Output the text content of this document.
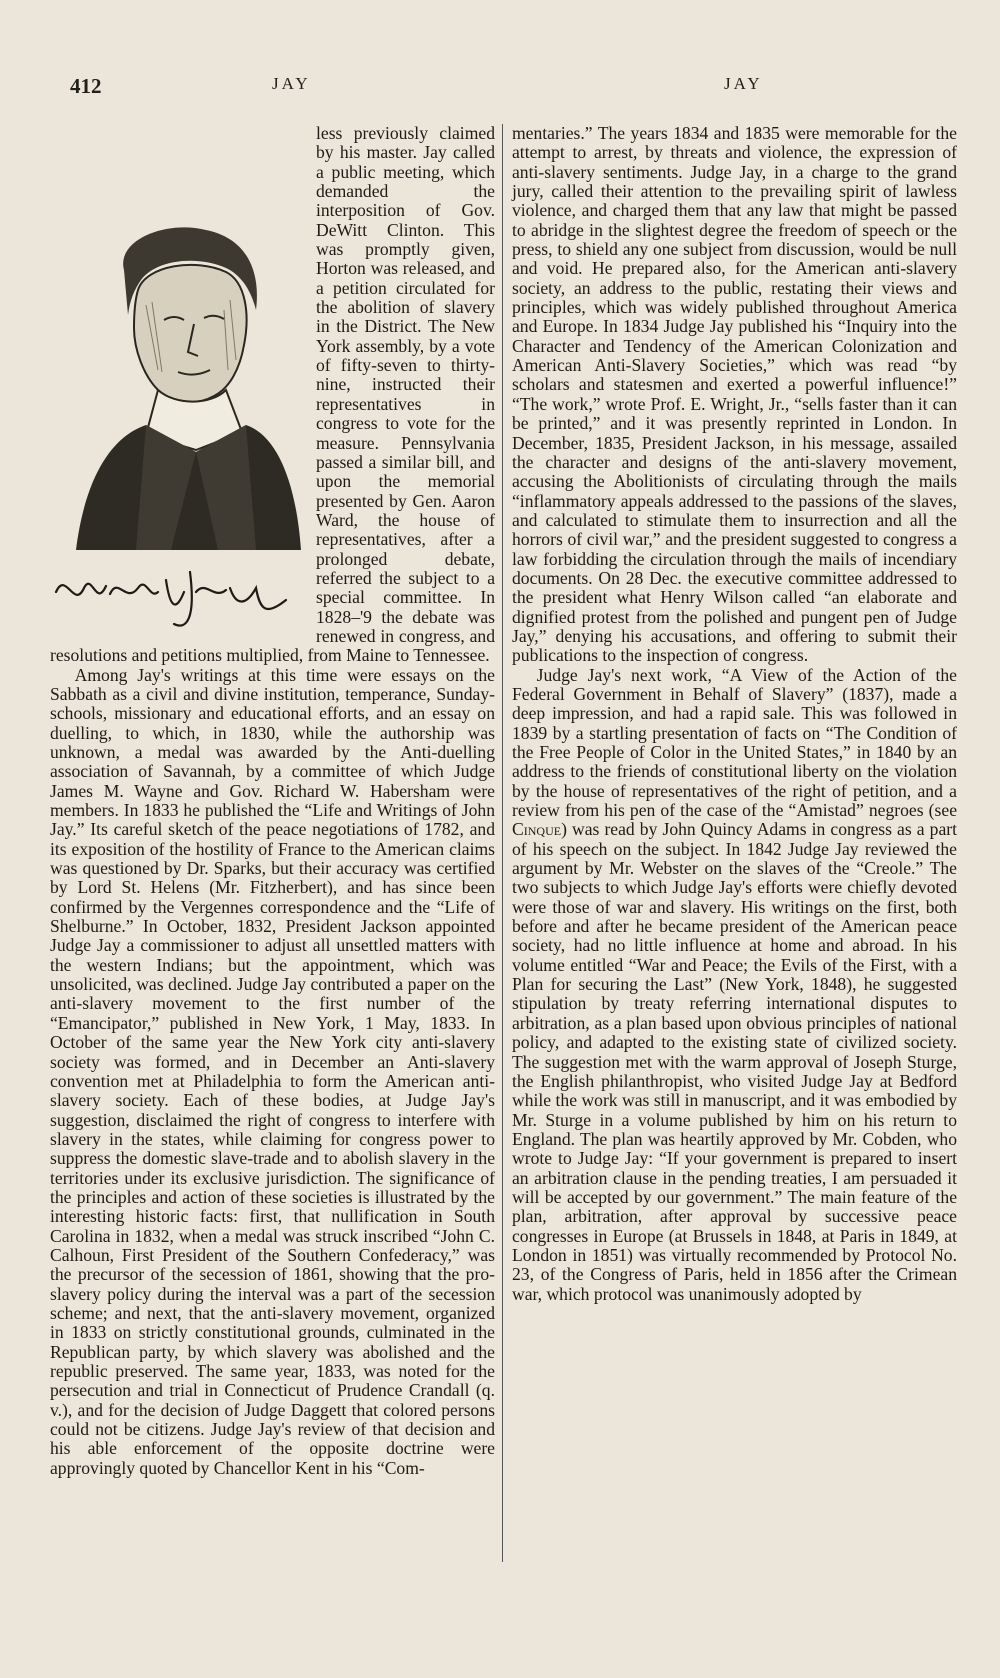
412	JAY	JAY

less previously claimed by his master. Jay called a public meeting, which demanded the interposition of Gov. DeWitt Clinton. This was promptly given, Horton was released, and a petition circulated for the abolition of slavery in the District. The New York assembly, by a vote of fifty-seven to thirty-nine, instructed their representatives in congress to vote for the measure. Pennsylvania passed a similar bill, and upon the memorial presented by Gen. Aaron Ward, the house of representatives, after a prolonged debate, referred the subject to a special committee. In 1828–'9 the debate was renewed in congress, and resolutions and petitions multiplied, from Maine to Tennessee.

Among Jay's writings at this time were essays on the Sabbath as a civil and divine institution, temperance, Sunday-schools, missionary and educational efforts, and an essay on duelling, to which, in 1830, while the authorship was unknown, a medal was awarded by the Anti-duelling association of Savannah, by a committee of which Judge James M. Wayne and Gov. Richard W. Habersham were members. In 1833 he published the “Life and Writings of John Jay.” Its careful sketch of the peace negotiations of 1782, and its exposition of the hostility of France to the American claims was questioned by Dr. Sparks, but their accuracy was certified by Lord St. Helens (Mr. Fitzherbert), and has since been confirmed by the Vergennes correspondence and the “Life of Shelburne.” In October, 1832, President Jackson appointed Judge Jay a commissioner to adjust all unsettled matters with the western Indians; but the appointment, which was unsolicited, was declined. Judge Jay contributed a paper on the anti-slavery movement to the first number of the “Emancipator,” published in New York, 1 May, 1833. In October of the same year the New York city anti-slavery society was formed, and in December an Anti-slavery convention met at Philadelphia to form the American anti-slavery society. Each of these bodies, at Judge Jay's suggestion, disclaimed the right of congress to interfere with slavery in the states, while claiming for congress power to suppress the domestic slave-trade and to abolish slavery in the territories under its exclusive jurisdiction. The significance of the principles and action of these societies is illustrated by the interesting historic facts: first, that nullification in South Carolina in 1832, when a medal was struck inscribed “John C. Calhoun, First President of the Southern Confederacy,” was the precursor of the secession of 1861, showing that the pro-slavery policy during the interval was a part of the secession scheme; and next, that the anti-slavery movement, organized in 1833 on strictly constitutional grounds, culminated in the Republican party, by which slavery was abolished and the republic preserved. The same year, 1833, was noted for the persecution and trial in Connecticut of Prudence Crandall (q. v.), and for the decision of Judge Daggett that colored persons could not be citizens. Judge Jay's review of that decision and his able enforcement of the opposite doctrine were approvingly quoted by Chancellor Kent in his “Com-

mentaries.” The years 1834 and 1835 were memorable for the attempt to arrest, by threats and violence, the expression of anti-slavery sentiments. Judge Jay, in a charge to the grand jury, called their attention to the prevailing spirit of lawless violence, and charged them that any law that might be passed to abridge in the slightest degree the freedom of speech or the press, to shield any one subject from discussion, would be null and void. He prepared also, for the American anti-slavery society, an address to the public, restating their views and principles, which was widely published throughout America and Europe. In 1834 Judge Jay published his “Inquiry into the Character and Tendency of the American Colonization and American Anti-Slavery Societies,” which was read “by scholars and statesmen and exerted a powerful influence!” “The work,” wrote Prof. E. Wright, Jr., “sells faster than it can be printed,” and it was presently reprinted in London. In December, 1835, President Jackson, in his message, assailed the character and designs of the anti-slavery movement, accusing the Abolitionists of circulating through the mails “inflammatory appeals addressed to the passions of the slaves, and calculated to stimulate them to insurrection and all the horrors of civil war,” and the president suggested to congress a law forbidding the circulation through the mails of incendiary documents. On 28 Dec. the executive committee addressed to the president what Henry Wilson called “an elaborate and dignified protest from the polished and pungent pen of Judge Jay,” denying his accusations, and offering to submit their publications to the inspection of congress.

Judge Jay's next work, “A View of the Action of the Federal Government in Behalf of Slavery” (1837), made a deep impression, and had a rapid sale. This was followed in 1839 by a startling presentation of facts on “The Condition of the Free People of Color in the United States,” in 1840 by an address to the friends of constitutional liberty on the violation by the house of representatives of the right of petition, and a review from his pen of the case of the “Amistad” negroes (see Cinque) was read by John Quincy Adams in congress as a part of his speech on the subject. In 1842 Judge Jay reviewed the argument by Mr. Webster on the slaves of the “Creole.” The two subjects to which Judge Jay's efforts were chiefly devoted were those of war and slavery. His writings on the first, both before and after he became president of the American peace society, had no little influence at home and abroad. In his volume entitled “War and Peace; the Evils of the First, with a Plan for securing the Last” (New York, 1848), he suggested stipulation by treaty referring international disputes to arbitration, as a plan based upon obvious principles of national policy, and adapted to the existing state of civilized society. The suggestion met with the warm approval of Joseph Sturge, the English philanthropist, who visited Judge Jay at Bedford while the work was still in manuscript, and it was embodied by Mr. Sturge in a volume published by him on his return to England. The plan was heartily approved by Mr. Cobden, who wrote to Judge Jay: “If your government is prepared to insert an arbitration clause in the pending treaties, I am persuaded it will be accepted by our government.” The main feature of the plan, arbitration, after approval by successive peace congresses in Europe (at Brussels in 1848, at Paris in 1849, at London in 1851) was virtually recommended by Protocol No. 23, of the Congress of Paris, held in 1856 after the Crimean war, which protocol was unanimously adopted by
